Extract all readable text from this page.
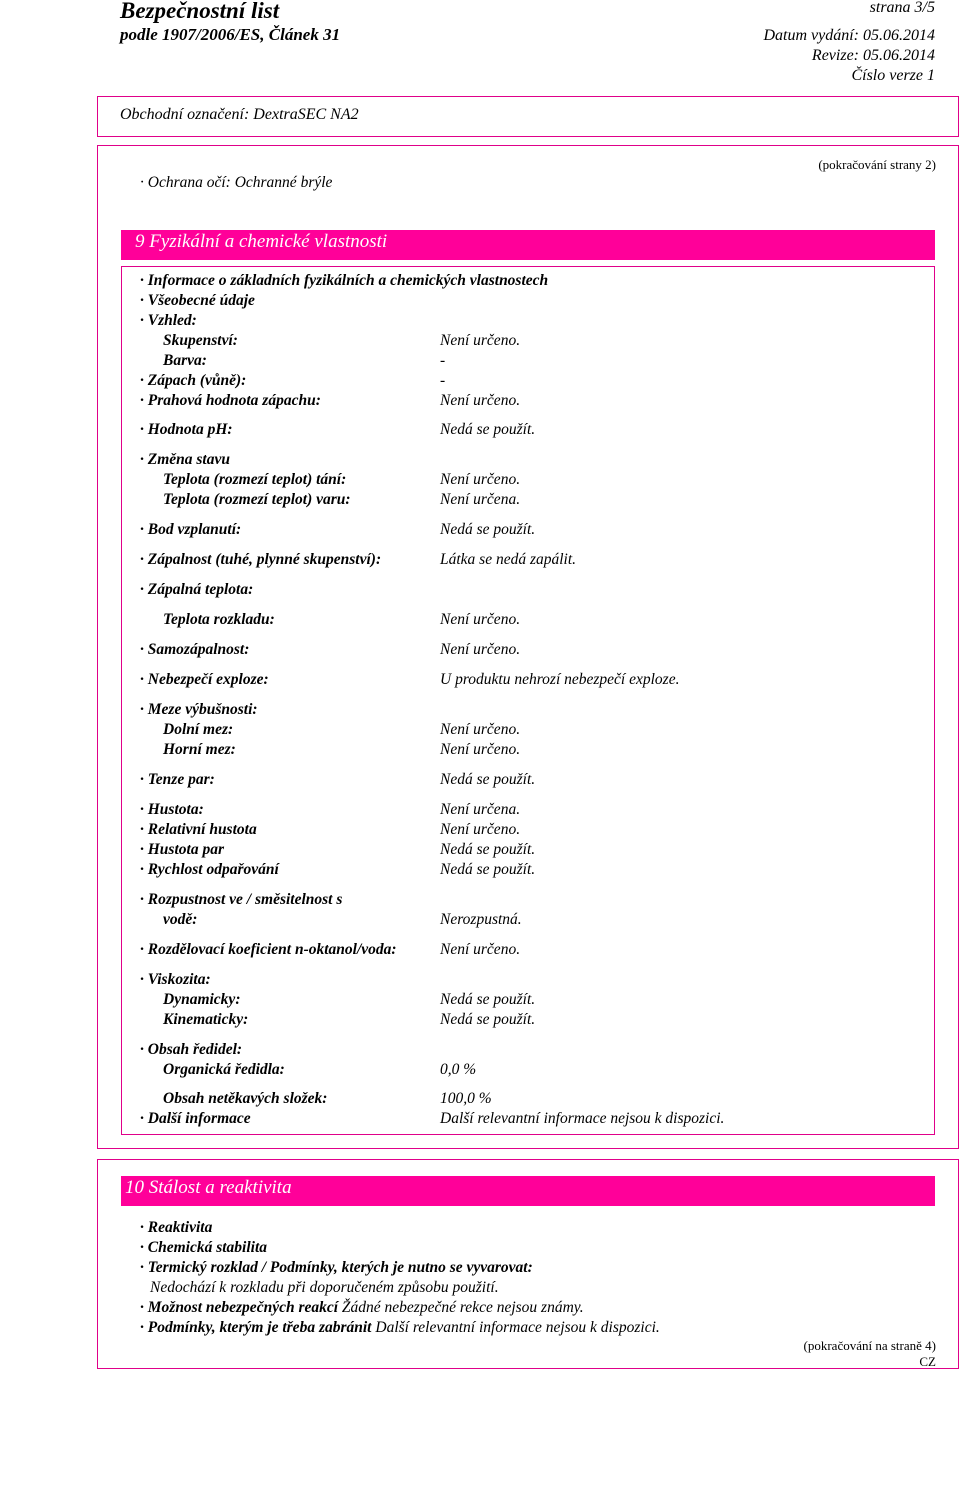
Bezpečnostní list
podle 1907/2006/ES, Článek 31
strana 3/5
Datum vydání: 05.06.2014
Revize: 05.06.2014
Číslo verze 1
Obchodní označení: DextraSEC NA2
(pokračování strany 2)
· Ochrana očí: Ochranné brýle
9 Fyzikální a chemické vlastnosti
· Informace o základních fyzikálních a chemických vlastnostech
· Všeobecné údaje
· Vzhled:
Skupenství:	Není určeno.
Barva:	-
· Zápach (vůně):	-
· Prahová hodnota zápachu:	Není určeno.
· Hodnota pH:	Nedá se použít.
· Změna stavu
Teplota (rozmezí teplot) tání:	Není určeno.
Teplota (rozmezí teplot) varu:	Není určena.
· Bod vzplanutí:	Nedá se použít.
· Zápalnost (tuhé, plynné skupenství):	Látka se nedá zapálit.
· Zápalná teplota:
Teplota rozkladu:	Není určeno.
· Samozápalnost:	Není určeno.
· Nebezpečí exploze:	U produktu nehrozí nebezpečí exploze.
· Meze výbušnosti:
Dolní mez:	Není určeno.
Horní mez:	Není určeno.
· Tenze par:	Nedá se použít.
· Hustota:	Není určena.
· Relativní hustota	Není určeno.
· Hustota par	Nedá se použít.
· Rychlost odpařování	Nedá se použít.
· Rozpustnost ve / směsitelnost s
vodě:	Nerozpustná.
· Rozdělovací koeficient n-oktanol/voda:	Není určeno.
· Viskozita:
Dynamicky:	Nedá se použít.
Kinematicky:	Nedá se použít.
· Obsah ředidel:
Organická ředidla:	0,0 %
Obsah netěkavých složek:	100,0 %
· Další informace	Další relevantní informace nejsou k dispozici.
10 Stálost a reaktivita
· Reaktivita
· Chemická stabilita
· Termický rozklad / Podmínky, kterých je nutno se vyvarovat:
Nedochází k rozkladu při doporučeném způsobu použití.
· Možnost nebezpečných reakcí Žádné nebezpečné rekce nejsou známy.
· Podmínky, kterým je třeba zabránit Další relevantní informace nejsou k dispozici.
(pokračování na straně 4)
CZ
